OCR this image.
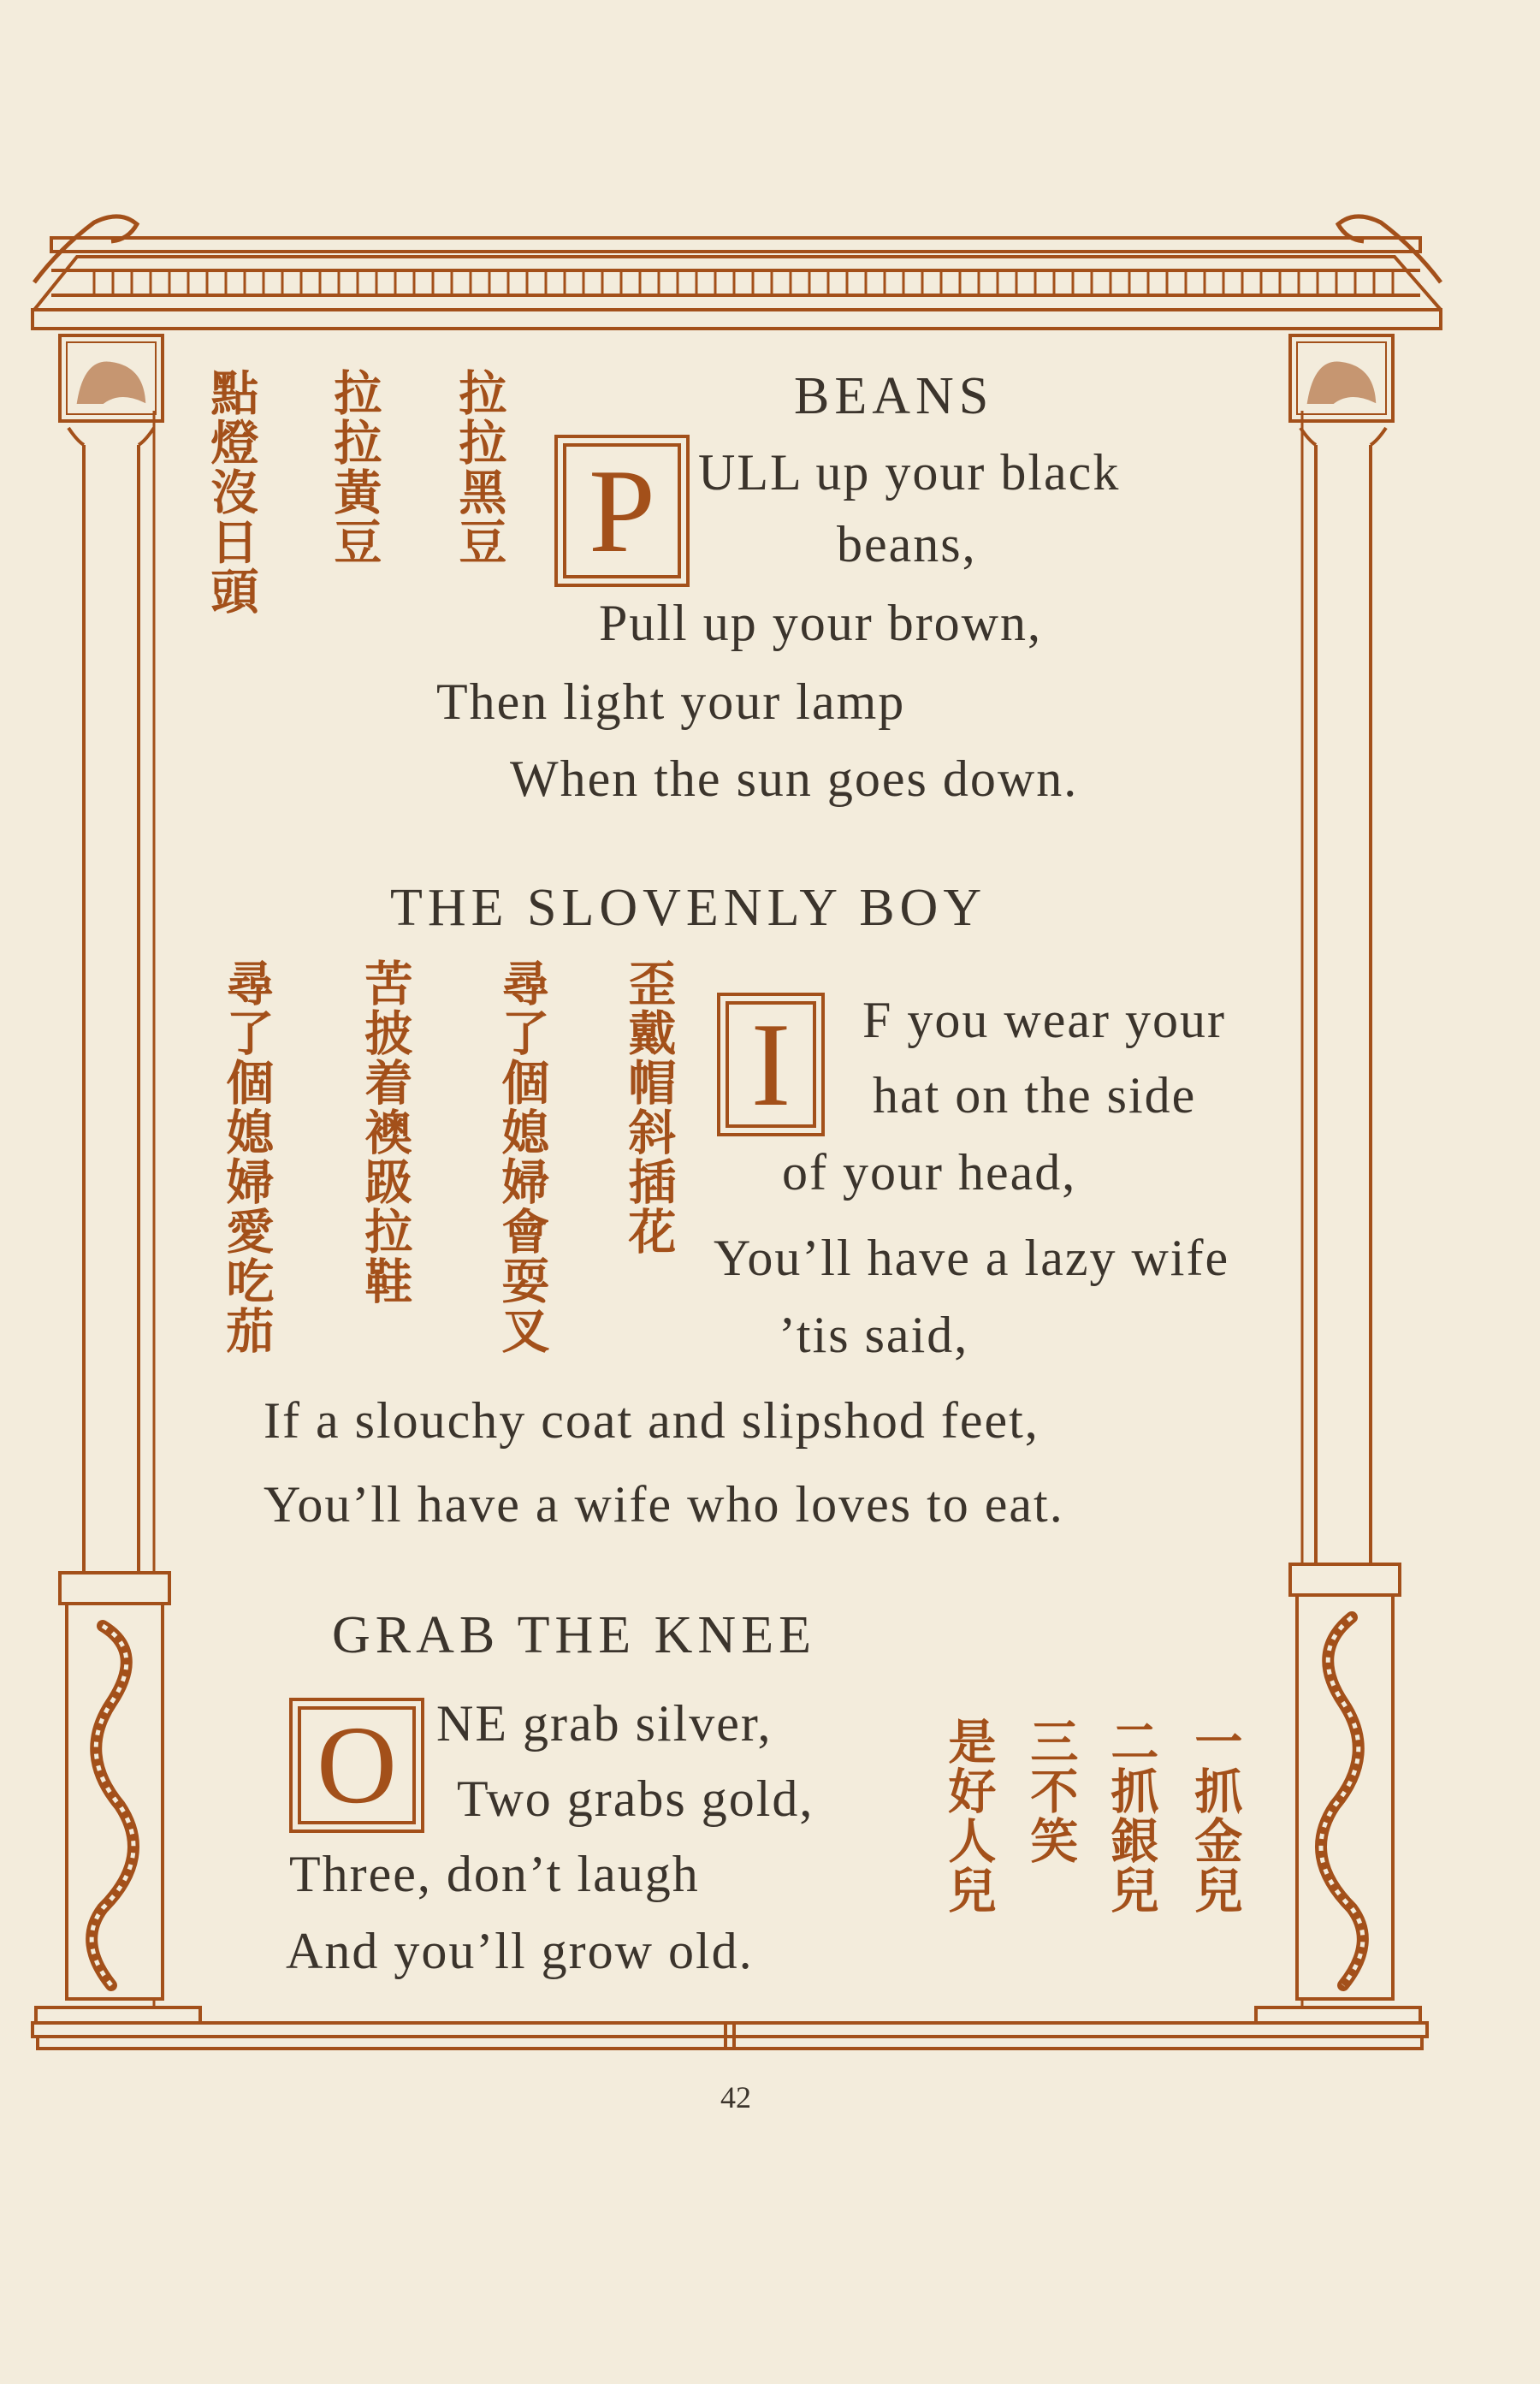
BEANS
P ULL up your black
beans,
Pull up your brown,
Then light your lamp
When the sun goes down.
拉拉黑豆
拉拉黃豆
點燈沒日頭
THE SLOVENLY BOY
I	F you wear your
hat on the side
of your head,
You’ll have a lazy wife
’tis said,
If a slouchy coat and slipshod feet,
You’ll have a wife who loves to eat.
歪戴帽斜插花
尋了個媳婦會耍叉
苦披着襖趿拉鞋
尋了個媳婦愛吃茄
GRAB THE KNEE
O NE grab silver,
Two grabs gold,
Three, don’t laugh
And you’ll grow old.
一抓金兒
二抓銀兒
三不笑
是好人兒
42
